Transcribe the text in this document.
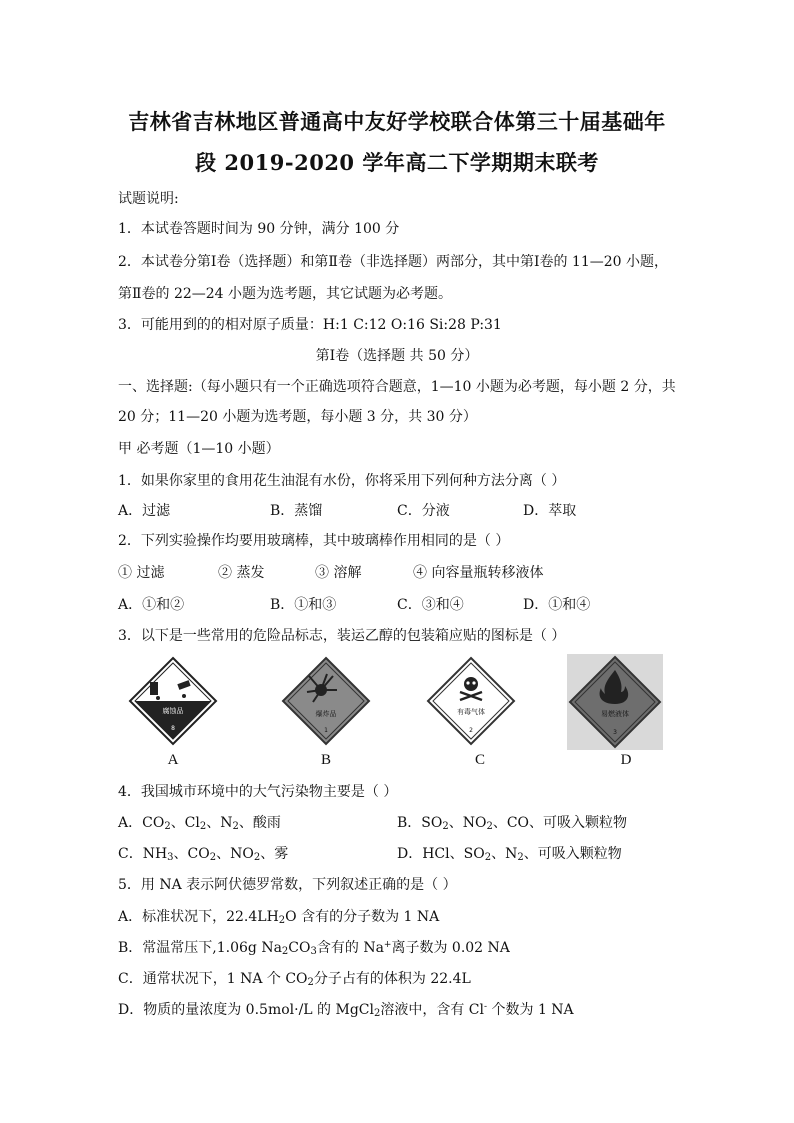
吉林省吉林地区普通高中友好学校联合体第三十届基础年
段 2019-2020 学年高二下学期期末联考
试题说明:
1．本试卷答题时间为 90 分钟，满分 100 分
2．本试卷分第Ⅰ卷（选择题）和第Ⅱ卷（非选择题）两部分，其中第Ⅰ卷的 11—20 小题，
第Ⅱ卷的 22—24 小题为选考题，其它试题为必考题。
3．可能用到的的相对原子质量：H:1 C:12 O:16 Si:28 P:31
第Ⅰ卷（选择题 共 50 分）
一、选择题:（每小题只有一个正确选项符合题意，1—10 小题为必考题，每小题 2 分，共
20 分；11—20 小题为选考题，每小题 3 分，共 30 分）
甲 必考题（1—10 小题）
1．如果你家里的食用花生油混有水份，你将采用下列何种方法分离（ ）
A．过滤	B．蒸馏	C．分液	D．萃取
2．下列实验操作均要用玻璃棒，其中玻璃棒作用相同的是（ ）
① 过滤	② 蒸发	③ 溶解	④ 向容量瓶转移液体
A．①和②	B．①和③	C．③和④	D．①和④
3．以下是一些常用的危险品标志，装运乙醇的包装箱应贴的图标是（ ）
腐蚀品
8
爆炸品
1
有毒气体
2
易燃液体
3
A	B	C	D
4．我国城市环境中的大气污染物主要是（ ）
A．$CO_2$、$Cl_2$、$N_2$、酸雨	B．$SO_2$、$NO_2$、CO、可吸入颗粒物
C．$NH_3$、$CO_2$、$NO_2$、雾	D．HCl、$SO_2$、$N_2$、可吸入颗粒物
5．用 NA 表示阿伏德罗常数，下列叙述正确的是（ ）
A．标准状况下，$22.4LH_2O$ 含有的分子数为 1 NA
B．常温常压下,1.06g $Na_2CO_3$含有的 Na+离子数为 0.02 NA
C．通常状况下，1 NA 个 $CO_2$分子占有的体积为 22.4L
D．物质的量浓度为 0.5mol·/L 的 MgCl$_2$溶液中，含有 Cl- 个数为 1 NA
